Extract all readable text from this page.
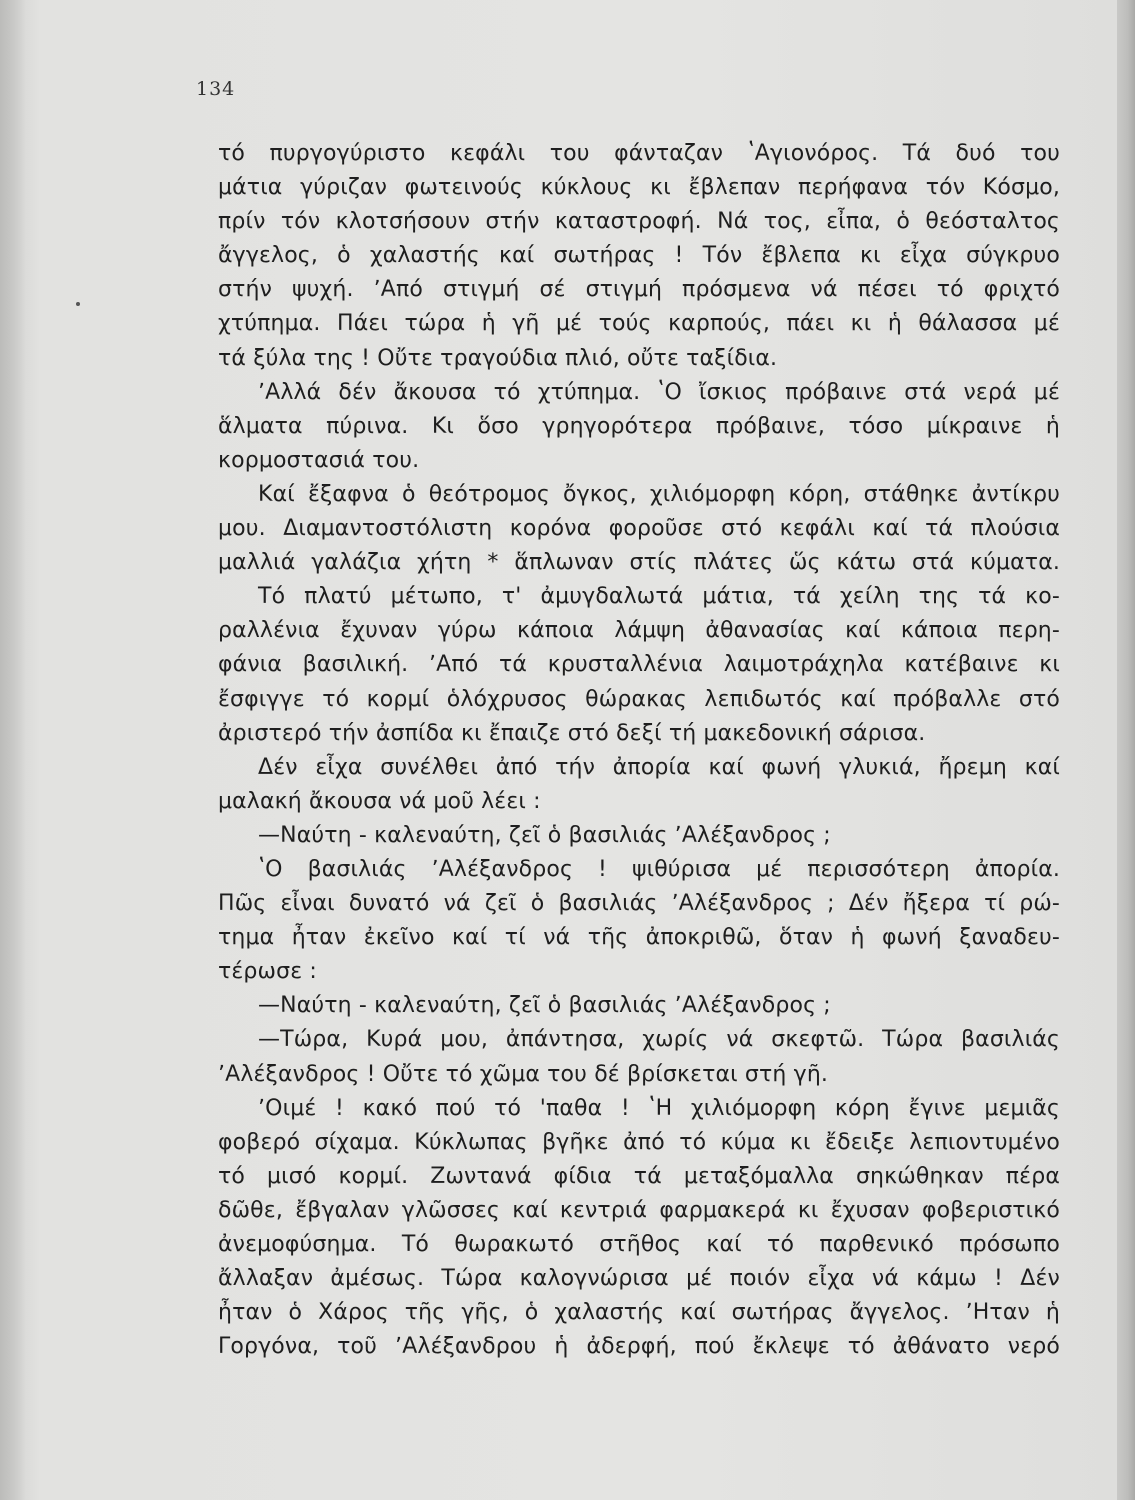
134
τό πυργογύριστο κεφάλι του φάνταζαν ʽΑγιονόρος. Τά δυό του
μάτια γύριζαν φωτεινούς κύκλους κι ἔβλεπαν περήφανα τόν Κόσμο,
πρίν τόν κλοτσήσουν στήν καταστροφή. Νά τος, εἶπα, ὁ θεόσταλτος
ἄγγελος, ὁ χαλαστής καί σωτήρας ! Τόν ἔβλεπα κι εἶχα σύγκρυο
στήν ψυχή. ʼΑπό στιγμή σέ στιγμή πρόσμενα νά πέσει τό φριχτό
χτύπημα. Πάει τώρα ἡ γῆ μέ τούς καρπούς, πάει κι ἡ θάλασσα μέ
τά ξύλα της ! Οὔτε τραγούδια πλιό, οὔτε ταξίδια.
ʼΑλλά δέν ἄκουσα τό χτύπημα. ʽΟ ἴσκιος πρόβαινε στά νερά μέ
ἅλματα πύρινα. Κι ὅσο γρηγορότερα πρόβαινε, τόσο μίκραινε ἡ
κορμοστασιά του.
Καί ἔξαφνα ὁ θεότρομος ὄγκος, χιλιόμορφη κόρη, στάθηκε ἀντίκρυ
μου. Διαμαντοστόλιστη κορόνα φοροῦσε στό κεφάλι καί τά πλούσια
μαλλιά γαλάζια χήτη * ἅπλωναν στίς πλάτες ὥς κάτω στά κύματα.
Τό πλατύ μέτωπο, τ' ἀμυγδαλωτά μάτια, τά χείλη της τά κο-
ραλλένια ἔχυναν γύρω κάποια λάμψη ἀθανασίας καί κάποια περη-
φάνια βασιλική. ʼΑπό τά κρυσταλλένια λαιμοτράχηλα κατέβαινε κι
ἔσφιγγε τό κορμί ὁλόχρυσος θώρακας λεπιδωτός καί πρόβαλλε στό
ἀριστερό τήν ἀσπίδα κι ἔπαιζε στό δεξί τή μακεδονική σάρισα.
Δέν εἶχα συνέλθει ἀπό τήν ἀπορία καί φωνή γλυκιά, ἤρεμη καί
μαλακή ἄκουσα νά μοῦ λέει :
—Ναύτη - καλεναύτη, ζεῖ ὁ βασιλιάς ʼΑλέξανδρος ;
ʽΟ βασιλιάς ʼΑλέξανδρος ! ψιθύρισα μέ περισσότερη ἀπορία.
Πῶς εἶναι δυνατό νά ζεῖ ὁ βασιλιάς ʼΑλέξανδρος ; Δέν ἤξερα τί ρώ-
τημα ἦταν ἐκεῖνο καί τί νά τῆς ἀποκριθῶ, ὅταν ἡ φωνή ξαναδευ-
τέρωσε :
—Ναύτη - καλεναύτη, ζεῖ ὁ βασιλιάς ʼΑλέξανδρος ;
—Τώρα, Κυρά μου, ἀπάντησα, χωρίς νά σκεφτῶ. Τώρα βασιλιάς
ʼΑλέξανδρος ! Οὔτε τό χῶμα του δέ βρίσκεται στή γῆ.
ʼΟιμέ ! κακό πού τό 'παθα ! ʽΗ χιλιόμορφη κόρη ἔγινε μεμιᾶς
φοβερό σίχαμα. Κύκλωπας βγῆκε ἀπό τό κύμα κι ἔδειξε λεπιοντυμένο
τό μισό κορμί. Ζωντανά φίδια τά μεταξόμαλλα σηκώθηκαν πέρα
δῶθε, ἔβγαλαν γλῶσσες καί κεντριά φαρμακερά κι ἔχυσαν φοβεριστικό
ἀνεμοφύσημα. Τό θωρακωτό στῆθος καί τό παρθενικό πρόσωπο
ἄλλαξαν ἀμέσως. Τώρα καλογνώρισα μέ ποιόν εἶχα νά κάμω ! Δέν
ἦταν ὁ Χάρος τῆς γῆς, ὁ χαλαστής καί σωτήρας ἄγγελος. ʼΗταν ἡ
Γοργόνα, τοῦ ʼΑλέξανδρου ἡ ἀδερφή, πού ἔκλεψε τό ἀθάνατο νερό
